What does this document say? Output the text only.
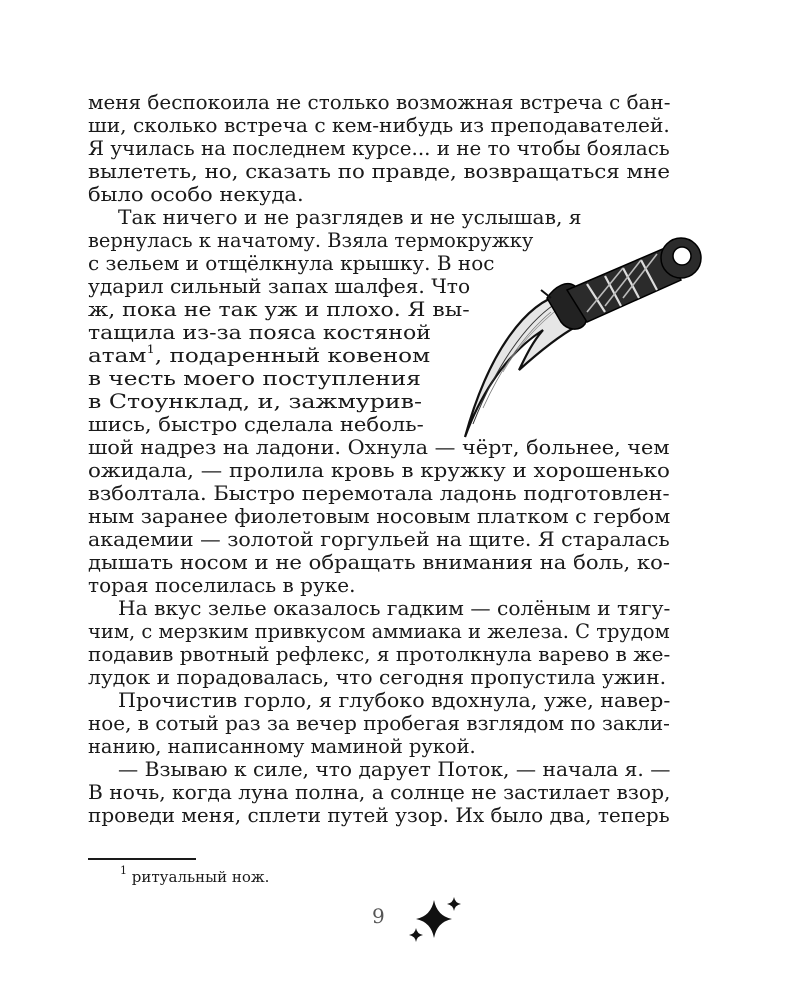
меня беспокоила не столько возможная встреча с бан-
ши, сколько встреча с кем-нибудь из преподавателей.
Я училась на последнем курсе... и не то чтобы боялась
вылететь, но, сказать по правде, возвращаться мне
было особо некуда.
Так ничего и не разглядев и не услышав, я
вернулась к начатому. Взяла термокружку
с зельем и отщёлкнула крышку. В нос
ударил сильный запах шалфея. Что
ж, пока не так уж и плохо. Я вы-
тащила из-за пояса костяной
атам$^1$, подаренный ковеном
в честь моего поступления
в Стоунклад, и, зажмурив-
шись, быстро сделала неболь-
шой надрез на ладони. Охнула — чёрт, больнее, чем
ожидала, — пролила кровь в кружку и хорошенько
взболтала. Быстро перемотала ладонь подготовлен-
ным заранее фиолетовым носовым платком с гербом
академии — золотой горгульей на щите. Я старалась
дышать носом и не обращать внимания на боль, ко-
торая поселилась в руке.
На вкус зелье оказалось гадким — солёным и тягу-
чим, с мерзким привкусом аммиака и железа. С трудом
подавив рвотный рефлекс, я протолкнула варево в же-
лудок и порадовалась, что сегодня пропустила ужин.
Прочистив горло, я глубоко вдохнула, уже, навер-
ное, в сотый раз за вечер пробегая взглядом по закли-
нанию, написанному маминой рукой.
— Взываю к силе, что дарует Поток, — начала я. —
В ночь, когда луна полна, а солнце не застилает взор,
проведи меня, сплети путей узор. Их было два, теперь
$^1$ ритуальный нож.
9
